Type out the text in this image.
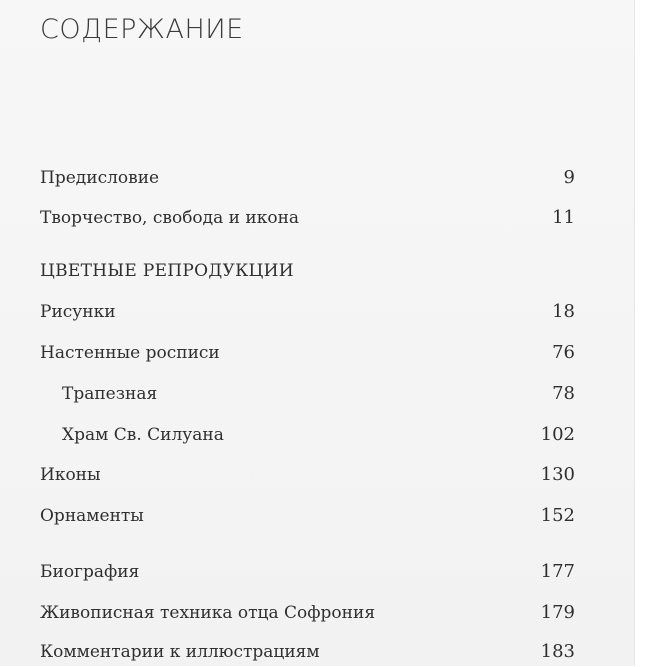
СОДЕРЖАНИЕ
Предисловие	9
Творчество, свобода и икона	11
ЦВЕТНЫЕ РЕПРОДУКЦИИ
Рисунки	18
Настенные росписи	76
Трапезная	78
Храм Св. Силуана	102
Иконы	130
Орнаменты	152
Биография	177
Живописная техника отца Софрония	179
Комментарии к иллюстрациям	183
